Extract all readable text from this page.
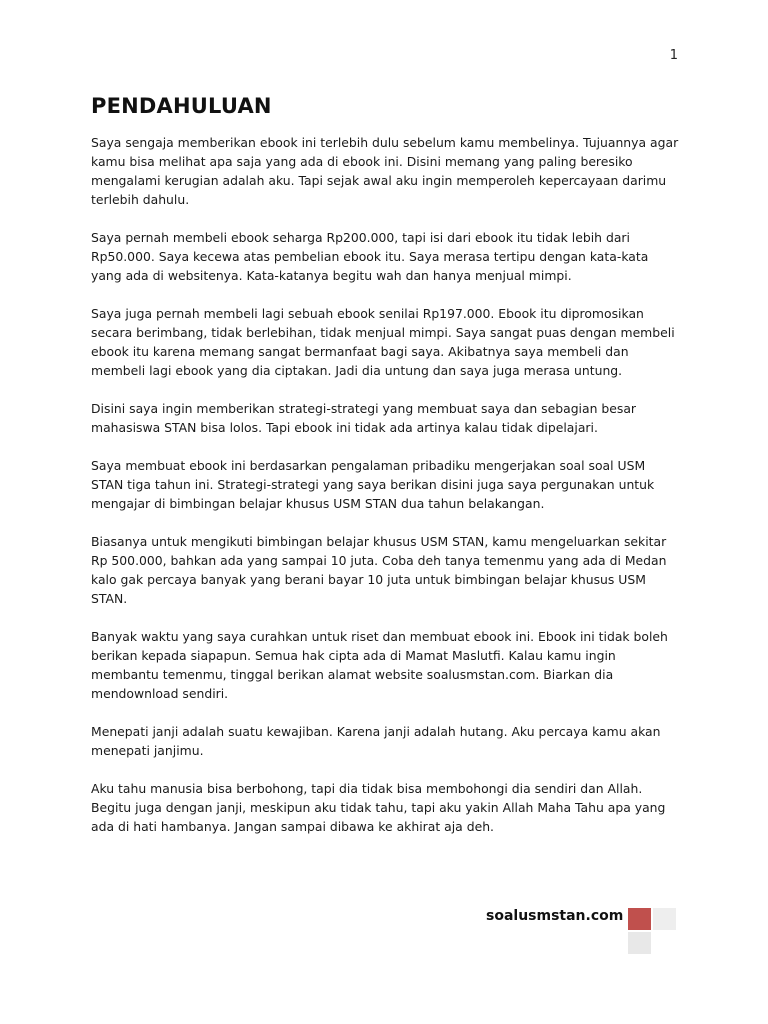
1
PENDAHULUAN

Saya sengaja memberikan ebook ini terlebih dulu sebelum kamu membelinya. Tujuannya agar kamu bisa melihat apa saja yang ada di ebook ini. Disini memang yang paling beresiko mengalami kerugian adalah aku. Tapi sejak awal aku ingin memperoleh kepercayaan darimu terlebih dahulu.

Saya pernah membeli ebook seharga Rp200.000, tapi isi dari ebook itu tidak lebih dari Rp50.000. Saya kecewa atas pembelian ebook itu. Saya merasa tertipu dengan kata-kata yang ada di websitenya. Kata-katanya begitu wah dan hanya menjual mimpi.

Saya juga pernah membeli lagi sebuah ebook senilai Rp197.000. Ebook itu dipromosikan secara berimbang, tidak berlebihan, tidak menjual mimpi. Saya sangat puas dengan membeli ebook itu karena memang sangat bermanfaat bagi saya. Akibatnya saya membeli dan membeli lagi ebook yang dia ciptakan. Jadi dia untung dan saya juga merasa untung.

Disini saya ingin memberikan strategi-strategi yang membuat saya dan sebagian besar mahasiswa STAN bisa lolos. Tapi ebook ini tidak ada artinya kalau tidak dipelajari.

Saya membuat ebook ini berdasarkan pengalaman pribadiku mengerjakan soal soal USM STAN tiga tahun ini. Strategi-strategi yang saya berikan disini juga saya pergunakan untuk mengajar di bimbingan belajar khusus USM STAN dua tahun belakangan.

Biasanya untuk mengikuti bimbingan belajar khusus USM STAN, kamu mengeluarkan sekitar Rp 500.000, bahkan ada yang sampai 10 juta. Coba deh tanya temenmu yang ada di Medan kalo gak percaya banyak yang berani bayar 10 juta untuk bimbingan belajar khusus USM STAN.

Banyak waktu yang saya curahkan untuk riset dan membuat ebook ini. Ebook ini tidak boleh berikan kepada siapapun. Semua hak cipta ada di Mamat Maslutfi. Kalau kamu ingin membantu temenmu, tinggal berikan alamat website soalusmstan.com. Biarkan dia mendownload sendiri.

Menepati janji adalah suatu kewajiban. Karena janji adalah hutang. Aku percaya kamu akan menepati janjimu.

Aku tahu manusia bisa berbohong, tapi dia tidak bisa membohongi dia sendiri dan Allah. Begitu juga dengan janji, meskipun aku tidak tahu, tapi aku yakin Allah Maha Tahu apa yang ada di hati hambanya. Jangan sampai dibawa ke akhirat aja deh.

soalusmstan.com
